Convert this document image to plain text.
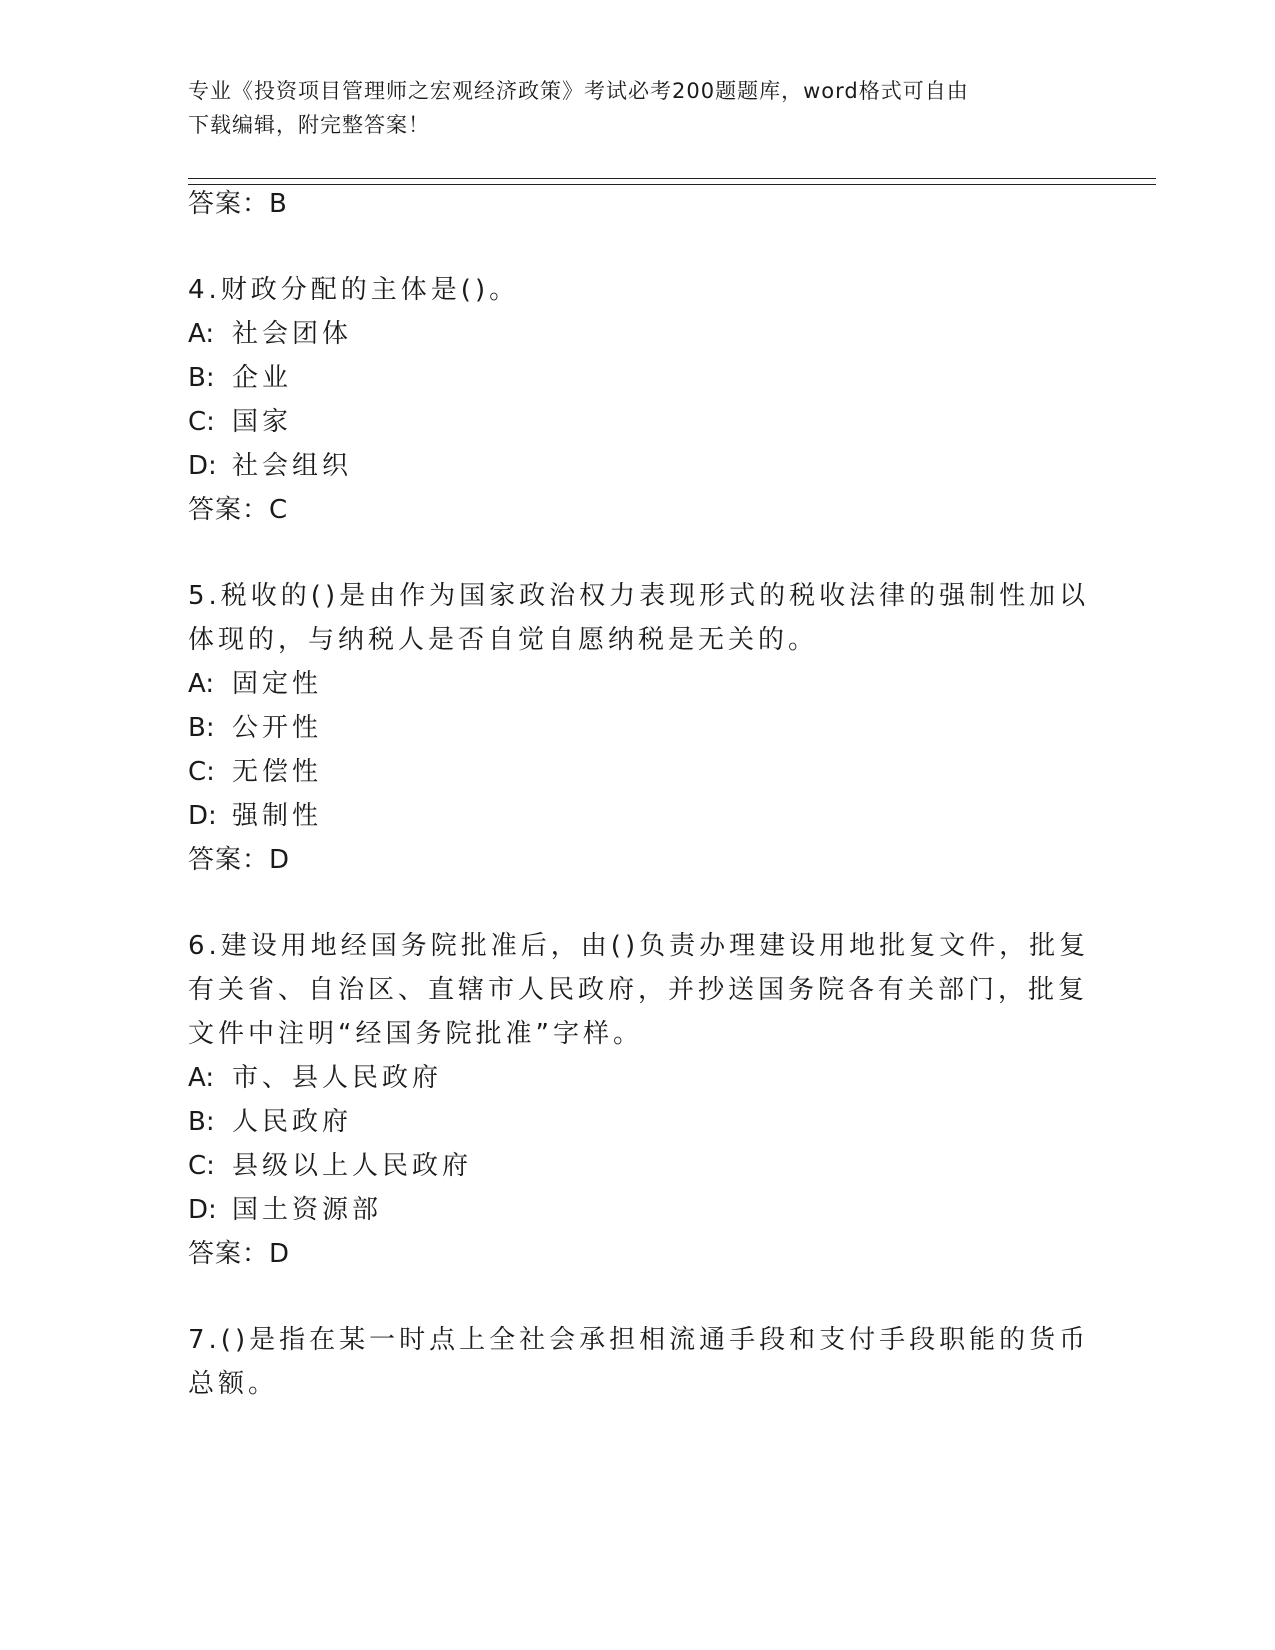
专业《投资项目管理师之宏观经济政策》考试必考200题题库，word格式可自由
下载编辑，附完整答案！
答案：B
4.财政分配的主体是()。
A: 社会团体
B: 企业
C: 国家
D: 社会组织
答案：C
5.税收的()是由作为国家政治权力表现形式的税收法律的强制性加以
体现的，与纳税人是否自觉自愿纳税是无关的。
A: 固定性
B: 公开性
C: 无偿性
D: 强制性
答案：D
6.建设用地经国务院批准后，由()负责办理建设用地批复文件，批复
有关省、自治区、直辖市人民政府，并抄送国务院各有关部门，批复
文件中注明“经国务院批准”字样。
A: 市、县人民政府
B: 人民政府
C: 县级以上人民政府
D: 国土资源部
答案：D
7.()是指在某一时点上全社会承担相流通手段和支付手段职能的货币
总额。
